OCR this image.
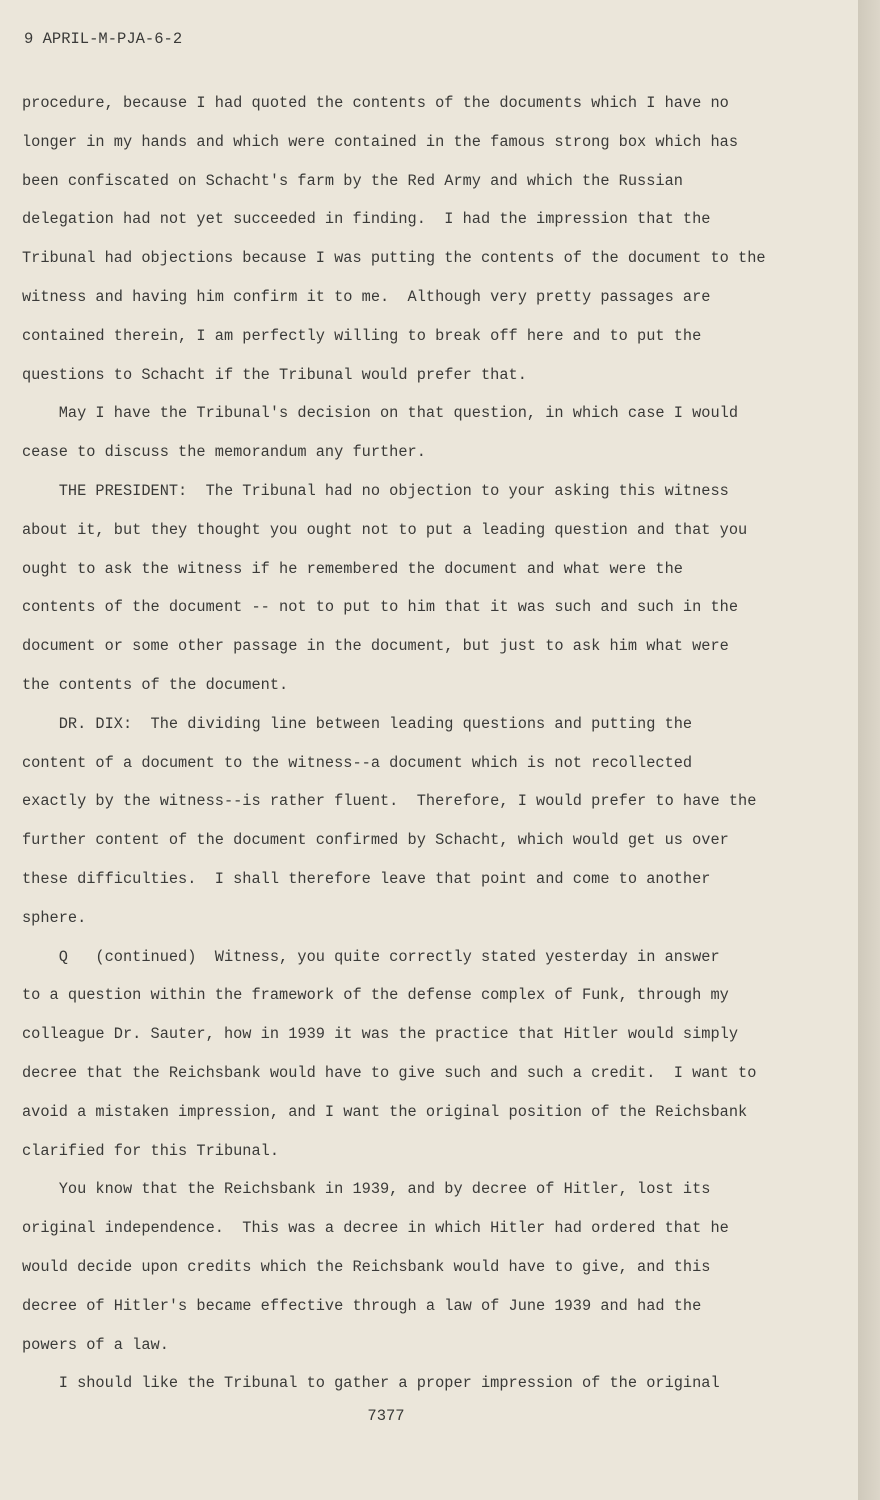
9 APRIL-M-PJA-6-2
procedure, because I had quoted the contents of the documents which I have no
longer in my hands and which were contained in the famous strong box which has
been confiscated on Schacht's farm by the Red Army and which the Russian
delegation had not yet succeeded in finding.  I had the impression that the
Tribunal had objections because I was putting the contents of the document to the
witness and having him confirm it to me.  Although very pretty passages are
contained therein, I am perfectly willing to break off here and to put the
questions to Schacht if the Tribunal would prefer that.
May I have the Tribunal's decision on that question, in which case I would
cease to discuss the memorandum any further.
THE PRESIDENT:  The Tribunal had no objection to your asking this witness
about it, but they thought you ought not to put a leading question and that you
ought to ask the witness if he remembered the document and what were the
contents of the document -- not to put to him that it was such and such in the
document or some other passage in the document, but just to ask him what were
the contents of the document.
DR. DIX:  The dividing line between leading questions and putting the
content of a document to the witness--a document which is not recollected
exactly by the witness--is rather fluent.  Therefore, I would prefer to have the
further content of the document confirmed by Schacht, which would get us over
these difficulties.  I shall therefore leave that point and come to another
sphere.
Q   (continued)  Witness, you quite correctly stated yesterday in answer
to a question within the framework of the defense complex of Funk, through my
colleague Dr. Sauter, how in 1939 it was the practice that Hitler would simply
decree that the Reichsbank would have to give such and such a credit.  I want to
avoid a mistaken impression, and I want the original position of the Reichsbank
clarified for this Tribunal.
You know that the Reichsbank in 1939, and by decree of Hitler, lost its
original independence.  This was a decree in which Hitler had ordered that he
would decide upon credits which the Reichsbank would have to give, and this
decree of Hitler's became effective through a law of June 1939 and had the
powers of a law.
I should like the Tribunal to gather a proper impression of the original
7377
